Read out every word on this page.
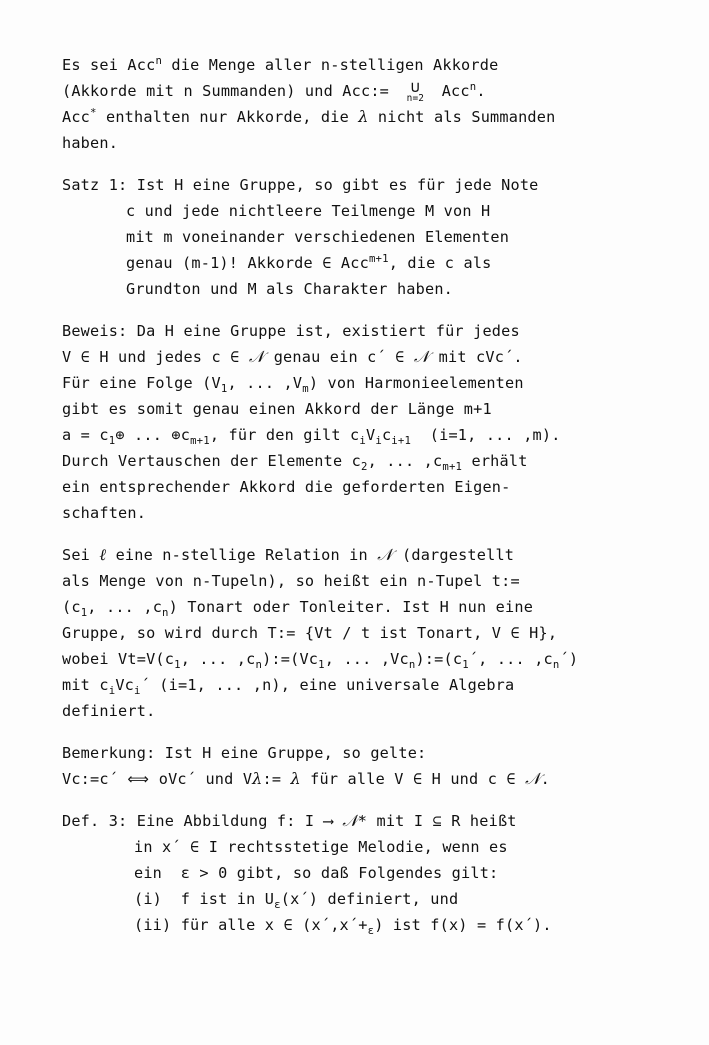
Es sei Acc$^n$ die Menge aller n-stelligen Akkorde
(Akkorde mit n Summanden) und Acc:= ∪
n=2 Acc$^n$.
Acc* enthalten nur Akkorde, die λ nicht als Summanden
haben.
Satz 1: Ist H eine Gruppe, so gibt es für jede Note
c und jede nichtleere Teilmenge M von H
mit m voneinander verschiedenen Elementen
genau (m-1)! Akkorde ∈ Acc$^{m+1}$, die c als
Grundton und M als Charakter haben.
Beweis: Da H eine Gruppe ist, existiert für jedes
V ∈ H und jedes c ∈ 𝒩 genau ein c´ ∈ 𝒩 mit cVc´.
Für eine Folge ($V_1$, ... $,V_m$) von Harmonieelementen
gibt es somit genau einen Akkord der Länge m+1
$a = c_1\oplus$ ... $\oplus c_{m+1}$, für den gilt $c_iV_ic_{i+1}$  (i=1, ... ,m).
Durch Vertauschen der Elemente $c_2$, ... $,c_{m+1}$ erhält
ein entsprechender Akkord die geforderten Eigen-
schaften.
Sei ℓ eine n-stellige Relation in 𝒩 (dargestellt
als Menge von n-Tupeln), so heißt ein n-Tupel t:=
($c_1$, ... $,c_n$) Tonart oder Tonleiter. Ist H nun eine
Gruppe, so wird durch T:= {Vt / t ist Tonart, V ∈ H},
wobei $Vt=V(c_1$, ... $,c_n):=(Vc_1$, ... $,Vc_n):=(c_1´$, ... $,c_n´$)
mit $c_iVc_i´$ (i=1, ... ,n), eine universale Algebra
definiert.
Bemerkung: Ist H eine Gruppe, so gelte:
Vc:=c´ ⟺ oVc´ und Vλ:= λ für alle V ∈ H und c ∈ 𝒩.
Def. 3: Eine Abbildung f: I ⟶ 𝒩* mit I ⊆ R heißt
in x´ ∈ I rechtsstetige Melodie, wenn es
ein  ε > 0 gibt, so daß Folgendes gilt:
(i)  f ist in $U_\varepsilon(x´)$ definiert, und
(ii) für alle x ∈ $(x´,x´+_\varepsilon)$ ist f(x) = f(x´).
